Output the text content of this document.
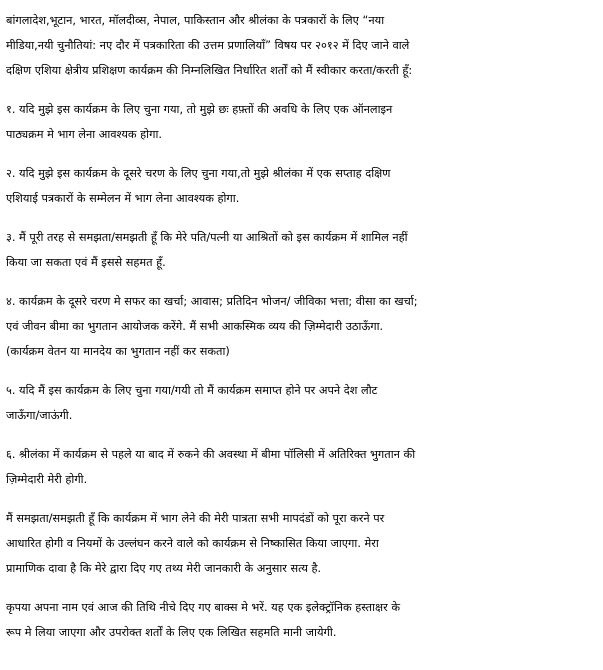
बांगलादेश,भूटान, भारत, मॉलदीव्स, नेपाल, पाकिस्तान और श्रीलंका के पत्रकारों के लिए “नया
मीडिया,नयी चुनौतियां: नए दौर में पत्रकारिता की उत्तम प्रणालियाँ” विषय पर २०१२ में दिए जाने वाले
दक्षिण एशिया क्षेत्रीय प्रशिक्षण कार्यक्रम की निम्नलिखित निर्धारित शर्तों को मैं स्वीकार करता/करती हूँ:

१. यदि मुझे इस कार्यक्रम के लिए चुना गया, तो मुझे छः हफ़्तों की अवधि के लिए एक ऑनलाइन
पाठ्यक्रम मे भाग लेना आवश्यक होगा.

२. यदि मुझे इस कार्यक्रम के दूसरे चरण के लिए चुना गया,तो मुझे श्रीलंका में एक सप्ताह दक्षिण
एशियाई पत्रकारों के सम्मेलन में भाग लेना आवश्यक होगा.

३. मैं पूरी तरह से समझता/समझती हूँ कि मेरे पति/पत्नी या आश्रितों को इस कार्यक्रम में शामिल नहीं
किया जा सकता एवं मैं इससे सहमत हूँ.

४. कार्यक्रम के दूसरे चरण मे सफर का खर्चा; आवास; प्रतिदिन भोजन/ जीविका भत्ता; वीसा का खर्चा;
एवं जीवन बीमा का भुगतान आयोजक करेंगे. मैं सभी आकस्मिक व्यय की ज़िम्मेदारी उठाऊँगा.
(कार्यक्रम वेतन या मानदेय का भुगतान नहीं कर सकता)

५. यदि मैं इस कार्यक्रम के लिए चुना गया/गयी तो मैं कार्यक्रम समाप्त होने पर अपने देश लौट
जाऊँगा/जाऊंगी.

६. श्रीलंका में कार्यक्रम से पहले या बाद में रुकने की अवस्था में बीमा पॉलिसी में अतिरिक्त भुगतान की
ज़िम्मेदारी मेरी होगी.

मैं समझता/समझती हूँ कि कार्यक्रम में भाग लेने की मेरी पात्रता सभी मापदंडों को पूरा करने पर
आधारित होगी व नियमों के उल्लंघन करने वाले को कार्यक्रम से निष्कासित किया जाएगा. मेरा
प्रामाणिक दावा है कि मेरे द्वारा दिए गए तथ्य मेरी जानकारी के अनुसार सत्य है.

कृपया अपना नाम एवं आज की तिथि नीचे दिए गए बाक्स मे भरें. यह एक इलेक्ट्रॉनिक हस्ताक्षर के
रूप मे लिया जाएगा और उपरोक्त शर्तों के लिए एक लिखित सहमति मानी जायेगी.
